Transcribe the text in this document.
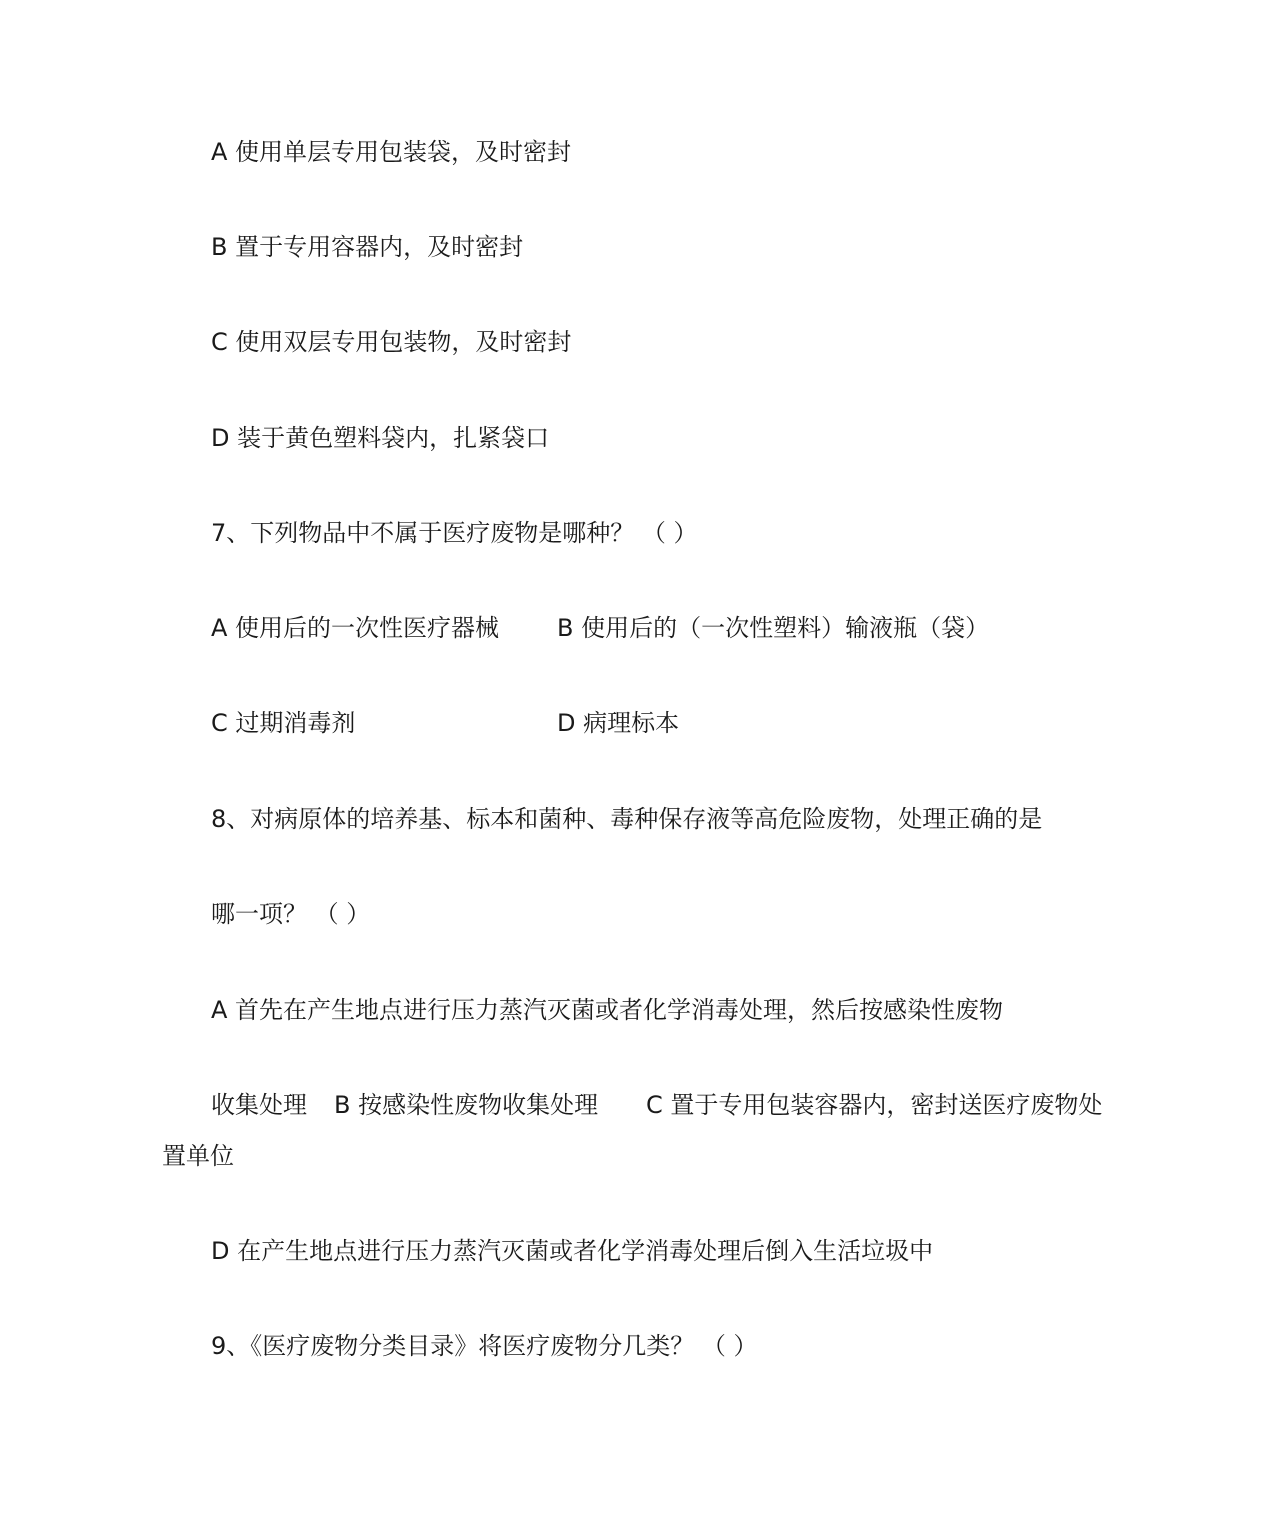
A 使用单层专用包装袋，及时密封
B 置于专用容器内，及时密封
C 使用双层专用包装物，及时密封
D 装于黄色塑料袋内，扎紧袋口
7、下列物品中不属于医疗废物是哪种？ （ ）
A 使用后的一次性医疗器械 B 使用后的（一次性塑料）输液瓶（袋）
C 过期消毒剂	D 病理标本
8、对病原体的培养基、标本和菌种、毒种保存液等高危险废物，处理正确的是
哪一项？ （ ）
A 首先在产生地点进行压力蒸汽灭菌或者化学消毒处理，然后按感染性废物
收集处理 B 按感染性废物收集处理 C 置于专用包装容器内，密封送医疗废物处
置单位
D 在产生地点进行压力蒸汽灭菌或者化学消毒处理后倒入生活垃圾中
9、《医疗废物分类目录》将医疗废物分几类？ （ ）
